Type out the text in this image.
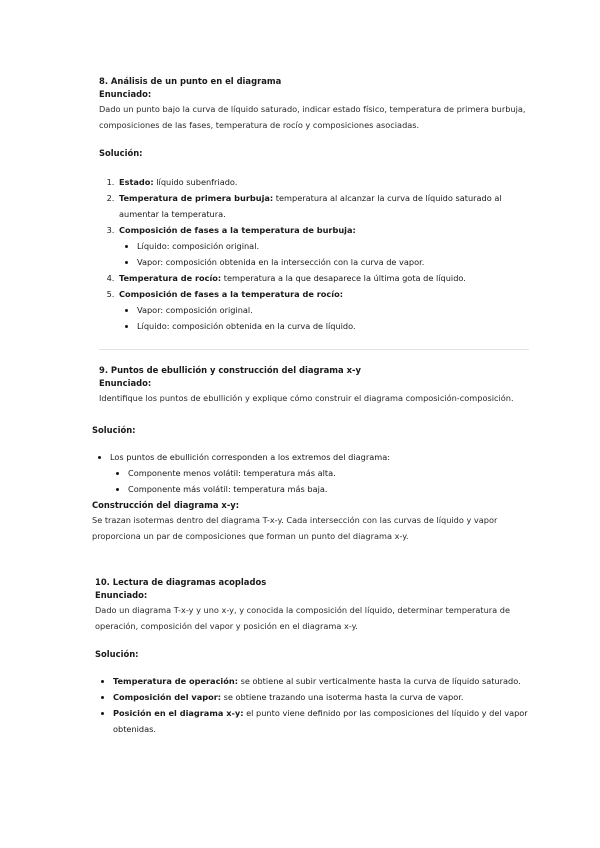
8. Análisis de un punto en el diagrama

Enunciado:

Dado un punto bajo la curva de líquido saturado, indicar estado físico, temperatura de primera burbuja, composiciones de las fases, temperatura de rocío y composiciones asociadas.

Solución:

1. Estado: líquido subenfriado.
2. Temperatura de primera burbuja: temperatura al alcanzar la curva de líquido saturado al aumentar la temperatura.
3. Composición de fases a la temperatura de burbuja:
• Líquido: composición original.
• Vapor: composición obtenida en la intersección con la curva de vapor.
4. Temperatura de rocío: temperatura a la que desaparece la última gota de líquido.
5. Composición de fases a la temperatura de rocío:
• Vapor: composición original.
• Líquido: composición obtenida en la curva de líquido.

9. Puntos de ebullición y construcción del diagrama x-y

Enunciado:

Identifique los puntos de ebullición y explique cómo construir el diagrama composición-composición.

Solución:

• Los puntos de ebullición corresponden a los extremos del diagrama:
• Componente menos volátil: temperatura más alta.
• Componente más volátil: temperatura más baja.

Construcción del diagrama x-y:

Se trazan isotermas dentro del diagrama T-x-y. Cada intersección con las curvas de líquido y vapor proporciona un par de composiciones que forman un punto del diagrama x-y.

10. Lectura de diagramas acoplados

Enunciado:

Dado un diagrama T-x-y y uno x-y, y conocida la composición del líquido, determinar temperatura de operación, composición del vapor y posición en el diagrama x-y.

Solución:

• Temperatura de operación: se obtiene al subir verticalmente hasta la curva de líquido saturado.
• Composición del vapor: se obtiene trazando una isoterma hasta la curva de vapor.
• Posición en el diagrama x-y: el punto viene definido por las composiciones del líquido y del vapor obtenidas.
